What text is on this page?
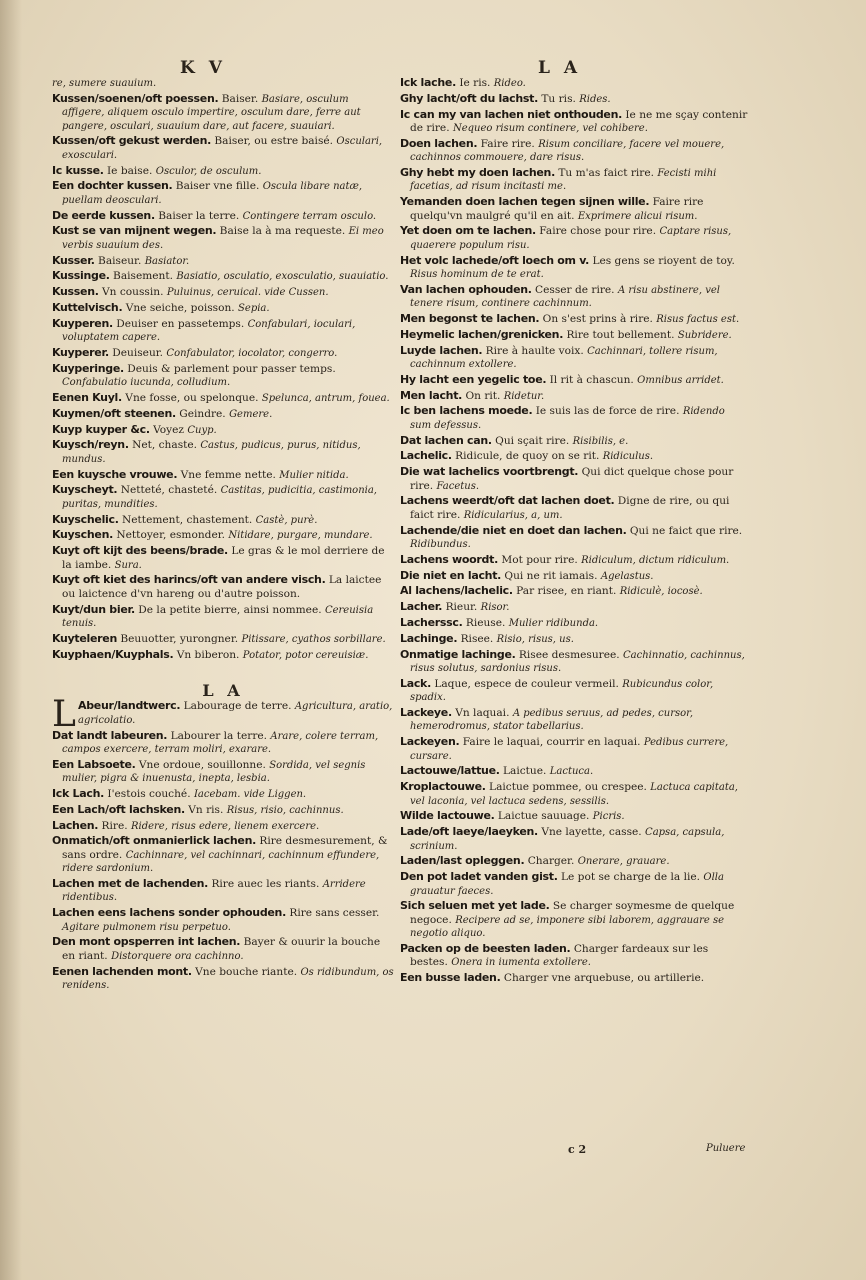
K V	L A
re, sumere suauium.
Kussen/soenen/oft poessen. Baiser. Basiare, osculum affigere, aliquem osculo impertire, osculum dare, ferre aut pangere, osculari, suauium dare, aut facere, suauiari.
Kussen/oft gekust werden. Baiser, ou estre baisé. Osculari, exosculari.
Ic kusse. Ie baise. Osculor, de osculum.
Een dochter kussen. Baiser vne fille. Oscula libare natæ, puellam deosculari.
De eerde kussen. Baiser la terre. Contingere terram osculo.
Kust se van mijnent wegen. Baise la à ma requeste. Ei meo verbis suauium des.
Kusser. Baiseur. Basiator.
Kussinge. Baisement. Basiatio, osculatio, exosculatio, suauiatio.
Kussen. Vn coussin. Puluinus, ceruical. vide Cussen.
Kuttelvisch. Vne seiche, poisson. Sepia.
Kuyperen. Deuiser en passetemps. Confabulari, ioculari, voluptatem capere.
Kuyperer. Deuiseur. Confabulator, iocolator, congerro.
Kuyperinge. Deuis & parlement pour passer temps. Confabulatio iucunda, colludium.
Eenen Kuyl. Vne fosse, ou spelonque. Spelunca, antrum, fouea.
Kuymen/oft steenen. Geindre. Gemere.
Kuyp kuyper &c. Voyez Cuyp.
Kuysch/reyn. Net, chaste. Castus, pudicus, purus, nitidus, mundus.
Een kuysche vrouwe. Vne femme nette. Mulier nitida.
Kuyscheyt. Netteté, chasteté. Castitas, pudicitia, castimonia, puritas, mundities.
Kuyschelic. Nettement, chastement. Castè, purè.
Kuyschen. Nettoyer, esmonder. Nitidare, purgare, mundare.
Kuyt oft kijt des beens/brade. Le gras & le mol derriere de la iambe. Sura.
Kuyt oft kiet des harincs/oft van andere visch. La laictee ou laictence d'vn hareng ou d'autre poisson.
Kuyt/dun bier. De la petite bierre, ainsi nommee. Cereuisia tenuis.
Kuyteleren Beuuotter, yurongner. Pitissare, cyathos sorbillare.
Kuyphaen/Kuyphals. Vn biberon. Potator, potor cereuisiæ.
L A
L Abeur/landtwerc. Labourage de terre. Agricultura, aratio, agricolatio.
Dat landt labeuren. Labourer la terre. Arare, colere terram, campos exercere, terram moliri, exarare.
Een Labsoete. Vne ordoue, souillonne. Sordida, vel segnis mulier, pigra & inuenusta, inepta, lesbia.
Ick Lach. I'estois couché. Iacebam. vide Liggen.
Een Lach/oft lachsken. Vn ris. Risus, risio, cachinnus.
Lachen. Rire. Ridere, risus edere, lienem exercere.
Onmatich/oft onmanierlick lachen. Rire desmesurement, & sans ordre. Cachinnare, vel cachinnari, cachinnum effundere, ridere sardonium.
Lachen met de lachenden. Rire auec les riants. Arridere ridentibus.
Lachen eens lachens sonder ophouden. Rire sans cesser. Agitare pulmonem risu perpetuo.
Den mont opsperren int lachen. Bayer & ouurir la bouche en riant. Distorquere ora cachinno.
Eenen lachenden mont. Vne bouche riante. Os ridibundum, os renidens.
Ick lache. Ie ris. Rideo.
Ghy lacht/oft du lachst. Tu ris. Rides.
Ic can my van lachen niet onthouden. Ie ne me sçay contenir de rire. Nequeo risum continere, vel cohibere.
Doen lachen. Faire rire. Risum conciliare, facere vel mouere, cachinnos commouere, dare risus.
Ghy hebt my doen lachen. Tu m'as faict rire. Fecisti mihi facetias, ad risum incitasti me.
Yemanden doen lachen tegen sijnen wille. Faire rire quelqu'vn maulgré qu'il en ait. Exprimere alicui risum.
Yet doen om te lachen. Faire chose pour rire. Captare risus, quaerere populum risu.
Het volc lachede/oft loech om v. Les gens se rioyent de toy. Risus hominum de te erat.
Van lachen ophouden. Cesser de rire. A risu abstinere, vel tenere risum, continere cachinnum.
Men begonst te lachen. On s'est prins à rire. Risus factus est.
Heymelic lachen/grenicken. Rire tout bellement. Subridere.
Luyde lachen. Rire à haulte voix. Cachinnari, tollere risum, cachinnum extollere.
Hy lacht een yegelic toe. Il rit à chascun. Omnibus arridet.
Men lacht. On rit. Ridetur.
Ic ben lachens moede. Ie suis las de force de rire. Ridendo sum defessus.
Dat lachen can. Qui sçait rire. Risibilis, e.
Lachelic. Ridicule, de quoy on se rit. Ridiculus.
Die wat lachelics voortbrengt. Qui dict quelque chose pour rire. Facetus.
Lachens weerdt/oft dat lachen doet. Digne de rire, ou qui faict rire. Ridicularius, a, um.
Lachende/die niet en doet dan lachen. Qui ne faict que rire. Ridibundus.
Lachens woordt. Mot pour rire. Ridiculum, dictum ridiculum.
Die niet en lacht. Qui ne rit iamais. Agelastus.
Al lachens/lachelic. Par risee, en riant. Ridiculè, iocosè.
Lacher. Rieur. Risor.
Lacherssc. Rieuse. Mulier ridibunda.
Lachinge. Risee. Risio, risus, us.
Onmatige lachinge. Risee desmesuree. Cachinnatio, cachinnus, risus solutus, sardonius risus.
Lack. Laque, espece de couleur vermeil. Rubicundus color, spadix.
Lackeye. Vn laquai. A pedibus seruus, ad pedes, cursor, hemerodromus, stator tabellarius.
Lackeyen. Faire le laquai, courrir en laquai. Pedibus currere, cursare.
Lactouwe/lattue. Laictue. Lactuca.
Kroplactouwe. Laictue pommee, ou crespee. Lactuca capitata, vel laconia, vel lactuca sedens, sessilis.
Wilde lactouwe. Laictue sauuage. Picris.
Lade/oft laeye/laeyken. Vne layette, casse. Capsa, capsula, scrinium.
Laden/last opleggen. Charger. Onerare, grauare.
Den pot ladet vanden gist. Le pot se charge de la lie. Olla grauatur faeces.
Sich seluen met yet lade. Se charger soymesme de quelque negoce. Recipere ad se, imponere sibi laborem, aggrauare se negotio aliquo.
Packen op de beesten laden. Charger fardeaux sur les bestes. Onera in iumenta extollere.
Een busse laden. Charger vne arquebuse, ou artillerie.
c 2	Puluere
